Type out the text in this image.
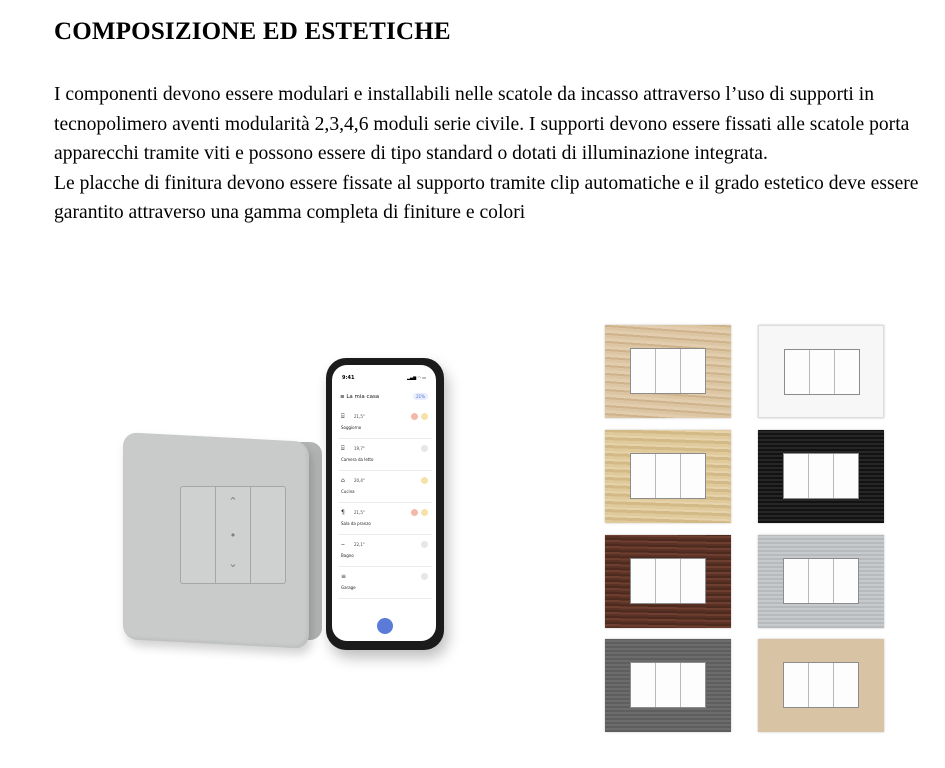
COMPOSIZIONE ED ESTETICHE

I componenti devono essere modulari e installabili nelle scatole da incasso attraverso l’uso di supporti in tecnopolimero aventi modularità 2,3,4,6 moduli serie civile. I supporti devono essere fissati alle scatole porta apparecchi tramite viti e possono essere di tipo standard o dotati di illuminazione integrata.

Le placche di finitura devono essere fissate al supporto tramite clip automatiche e il grado estetico deve essere garantito attraverso una gamma completa di finiture e colori

⌃
•
⌄
9:41	▂▄▆ ◠ ▭
≡ La mia casa	21%
⌸ 21,5°
Soggiorno
⌸ 19,7°
Camera da letto
⌂ 20,4°
Cucina
¶ 21,5°
Sala da pranzo
⌣ 22,1°
Bagno
≡
Garage
